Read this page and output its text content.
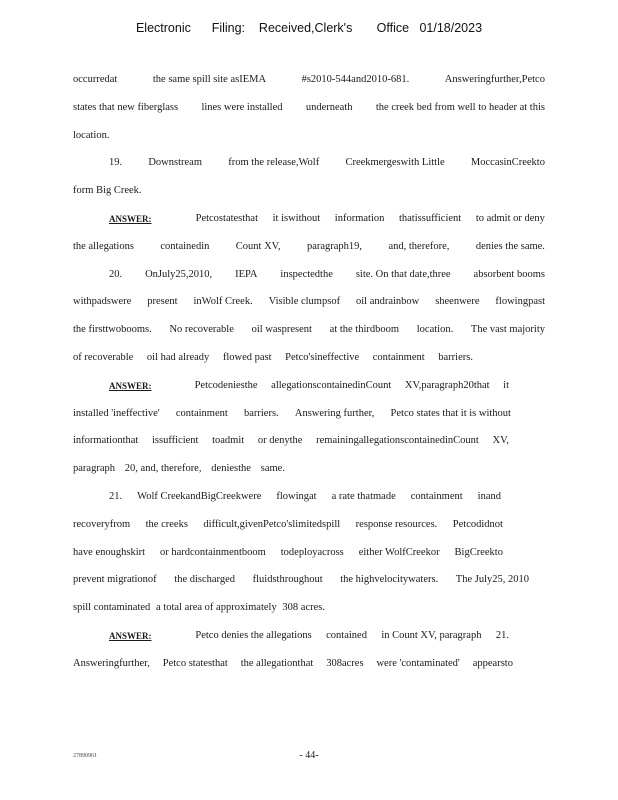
Electronic      Filing:    Received,Clerk's       Office   01/18/2023
occurredat	the same spill site asIEMA	#s2010-544and2010-681.	Answeringfurther,Petco
states that new fiberglass lines were installed underneath the creek bed from well to header at this
location.
19. Downstream from the release,Wolf Creekmergeswith Little MoccasinCreekto
form Big Creek.
ANSWER:	Petcostatesthat it iswithout information thatissufficient to admit or deny
the allegations	containedin	Count XV,	paragraph19,	and, therefore,	denies the same.
20. OnJuly25,2010, IEPA inspectedthe site. On that date,three absorbent booms
withpadswere present inWolf Creek. Visible clumpsof oil andrainbow sheenwere flowingpast
the firsttwobooms. No recoverable oil waspresent at the thirdboom location. The vast majority
of recoverable oil had already flowed past Petco'sineffective containment barriers.
ANSWER:	Petcodeniesthe allegationscontainedinCount XV,paragraph20that it
installed 'ineffective' containment barriers. Answering further, Petco states that it is without
informationthat issufficient toadmit or denythe remainingallegationscontainedinCount XV,
paragraph 20, and, therefore, deniesthe same.
21. Wolf CreekandBigCreekwere flowingat a rate thatmade containment inand
recoveryfrom the creeks difficult,givenPetco'slimitedspill response resources. Petcodidnot
have enoughskirt or hardcontainmentboom todeployacross either WolfCreekor BigCreekto
prevent migrationof the discharged fluidsthroughout the highvelocitywaters. The July25, 2010
spill contaminated a total area of approximately 308 acres.
ANSWER:	Petco denies the allegations contained in Count XV, paragraph 21.
Answeringfurther, Petco statesthat the allegationthat 308acres were 'contaminated' appearsto
27890961	- 44-
